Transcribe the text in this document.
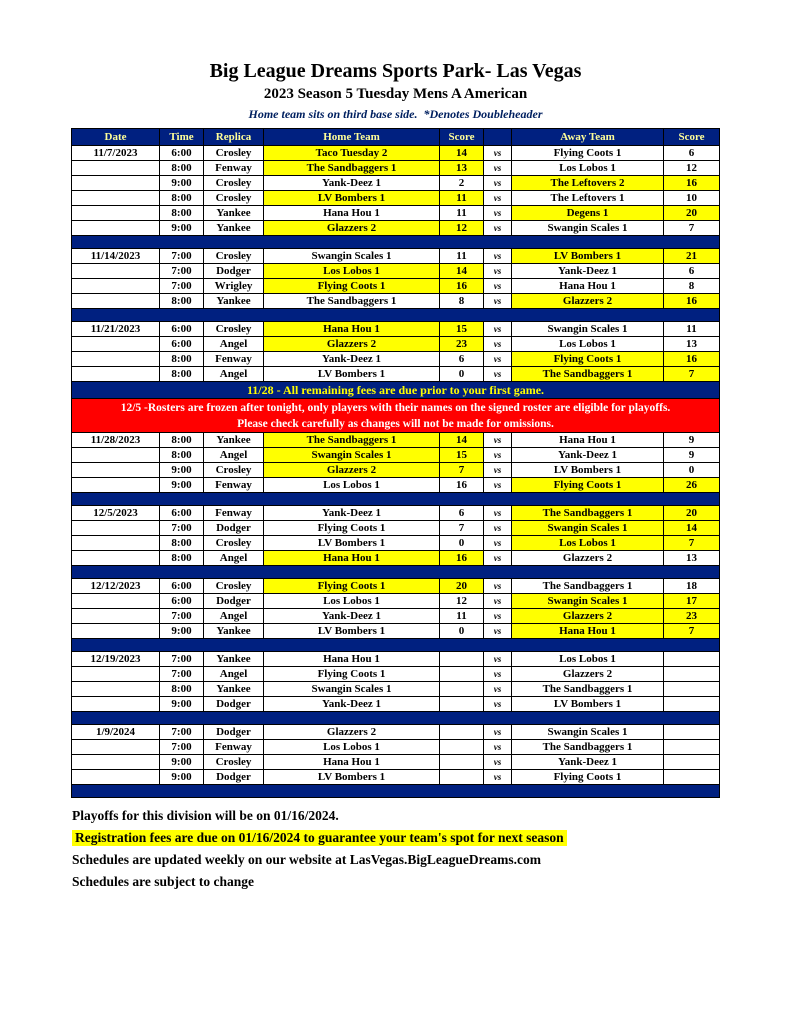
Big League Dreams Sports Park- Las Vegas
2023 Season 5 Tuesday Mens A American
Home team sits on third base side.  *Denotes Doubleheader
Date	Time	Replica	Home Team	Score		Away Team	Score
11/7/2023	6:00	Crosley	Taco Tuesday 2	14	vs	Flying Coots 1	6
	8:00	Fenway	The Sandbaggers 1	13	vs	Los Lobos 1	12
	9:00	Crosley	Yank-Deez 1	2	vs	The Leftovers 2	16
	8:00	Crosley	LV Bombers 1	11	vs	The Leftovers 1	10
	8:00	Yankee	Hana Hou 1	11	vs	Degens 1	20
	9:00	Yankee	Glazzers 2	12	vs	Swangin Scales 1	7

11/14/2023	7:00	Crosley	Swangin Scales 1	11	vs	LV Bombers 1	21
	7:00	Dodger	Los Lobos 1	14	vs	Yank-Deez 1	6
	7:00	Wrigley	Flying Coots 1	16	vs	Hana Hou 1	8
	8:00	Yankee	The Sandbaggers 1	8	vs	Glazzers 2	16

11/21/2023	6:00	Crosley	Hana Hou 1	15	vs	Swangin Scales 1	11
	6:00	Angel	Glazzers 2	23	vs	Los Lobos 1	13
	8:00	Fenway	Yank-Deez 1	6	vs	Flying Coots 1	16
	8:00	Angel	LV Bombers 1	0	vs	The Sandbaggers 1	7
11/28 - All remaining fees are due prior to your first game.							

12/5 -Rosters are frozen after tonight, only players with their names on the signed roster are eligible for playoffs.
Please check carefully as changes will not be made for omissions.							

11/28/2023	8:00	Yankee	The Sandbaggers 1	14	vs	Hana Hou 1	9
	8:00	Angel	Swangin Scales 1	15	vs	Yank-Deez 1	9
	9:00	Crosley	Glazzers 2	7	vs	LV Bombers 1	0
	9:00	Fenway	Los Lobos 1	16	vs	Flying Coots 1	26

12/5/2023	6:00	Fenway	Yank-Deez 1	6	vs	The Sandbaggers 1	20
	7:00	Dodger	Flying Coots 1	7	vs	Swangin Scales 1	14
	8:00	Crosley	LV Bombers 1	0	vs	Los Lobos 1	7
	8:00	Angel	Hana Hou 1	16	vs	Glazzers 2	13

12/12/2023	6:00	Crosley	Flying Coots 1	20	vs	The Sandbaggers 1	18
	6:00	Dodger	Los Lobos 1	12	vs	Swangin Scales 1	17
	7:00	Angel	Yank-Deez 1	11	vs	Glazzers 2	23
	9:00	Yankee	LV Bombers 1	0	vs	Hana Hou 1	7

12/19/2023	7:00	Yankee	Hana Hou 1		vs	Los Lobos 1	
	7:00	Angel	Flying Coots 1		vs	Glazzers 2	
	8:00	Yankee	Swangin Scales 1		vs	The Sandbaggers 1	
	9:00	Dodger	Yank-Deez 1		vs	LV Bombers 1	

1/9/2024	7:00	Dodger	Glazzers 2		vs	Swangin Scales 1	
	7:00	Fenway	Los Lobos 1		vs	The Sandbaggers 1	
	9:00	Crosley	Hana Hou 1		vs	Yank-Deez 1	
	9:00	Dodger	LV Bombers 1		vs	Flying Coots 1	

Playoffs for this division will be on 01/16/2024.
Registration fees are due on 01/16/2024 to guarantee your team's spot for next season
Schedules are updated weekly on our website at LasVegas.BigLeagueDreams.com
Schedules are subject to change
